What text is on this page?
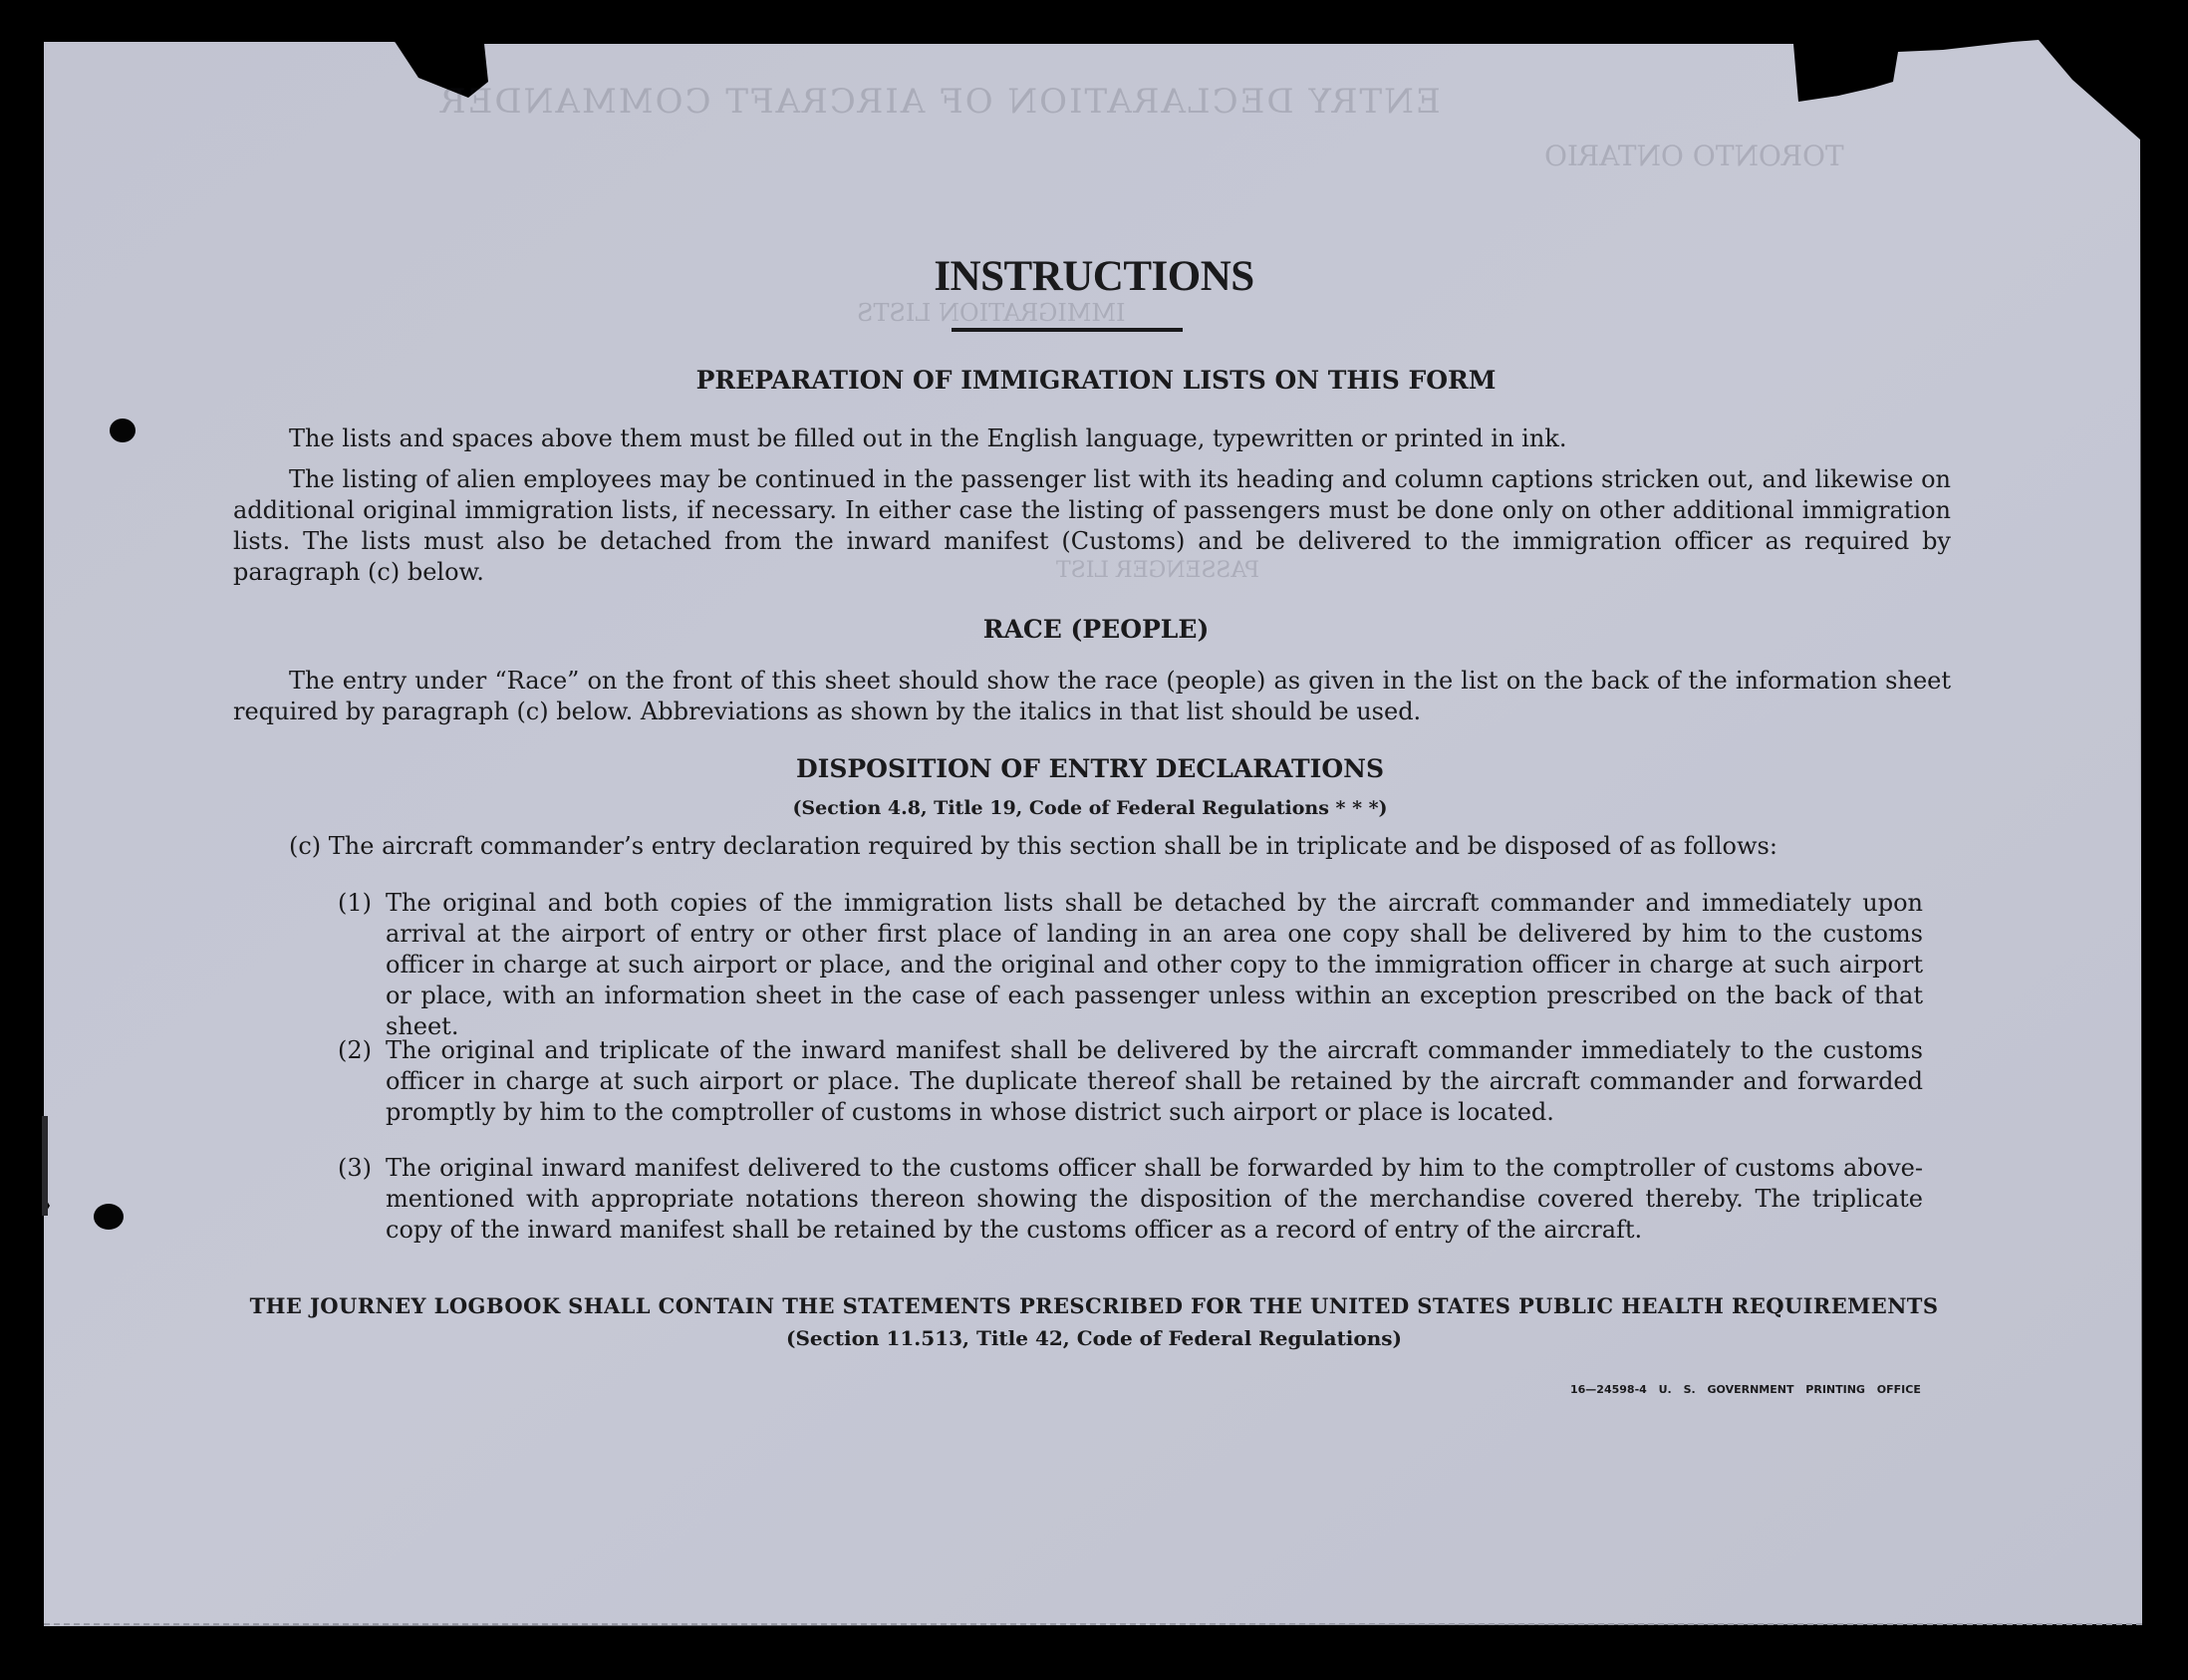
ENTRY DECLARATION OF AIRCRAFT COMMANDER
TORONTO ONTARIO
IMMIGRATION LISTS
PASSENGER LIST
INSTRUCTIONS
PREPARATION OF IMMIGRATION LISTS ON THIS FORM
The lists and spaces above them must be filled out in the English language, typewritten or printed in ink.
The listing of alien employees may be continued in the passenger list with its heading and column captions stricken out, and likewise on additional original immigration lists, if necessary. In either case the listing of passengers must be done only on other additional immigration lists. The lists must also be detached from the inward manifest (Customs) and be delivered to the immigration officer as required by paragraph (c) below.
RACE (PEOPLE)
The entry under “Race” on the front of this sheet should show the race (people) as given in the list on the back of the information sheet required by paragraph (c) below. Abbreviations as shown by the italics in that list should be used.
DISPOSITION OF ENTRY DECLARATIONS
(Section 4.8, Title 19, Code of Federal Regulations * * *)
(c) The aircraft commander’s entry declaration required by this section shall be in triplicate and be disposed of as follows:
(1) The original and both copies of the immigration lists shall be detached by the aircraft commander and immediately upon arrival at the airport of entry or other first place of landing in an area one copy shall be delivered by him to the customs officer in charge at such airport or place, and the original and other copy to the immigration officer in charge at such airport or place, with an information sheet in the case of each passenger unless within an exception prescribed on the back of that sheet.
(2) The original and triplicate of the inward manifest shall be delivered by the aircraft commander immediately to the customs officer in charge at such airport or place. The duplicate thereof shall be retained by the aircraft commander and forwarded promptly by him to the comptroller of customs in whose district such airport or place is located.
(3) The original inward manifest delivered to the customs officer shall be forwarded by him to the comptroller of customs above-mentioned with appropriate notations thereon showing the disposition of the merchandise covered thereby. The triplicate copy of the inward manifest shall be retained by the customs officer as a record of entry of the aircraft.
THE JOURNEY LOGBOOK SHALL CONTAIN THE STATEMENTS PRESCRIBED FOR THE UNITED STATES PUBLIC HEALTH REQUIREMENTS
(Section 11.513, Title 42, Code of Federal Regulations)
16—24598‑4 U. S. GOVERNMENT PRINTING OFFICE
